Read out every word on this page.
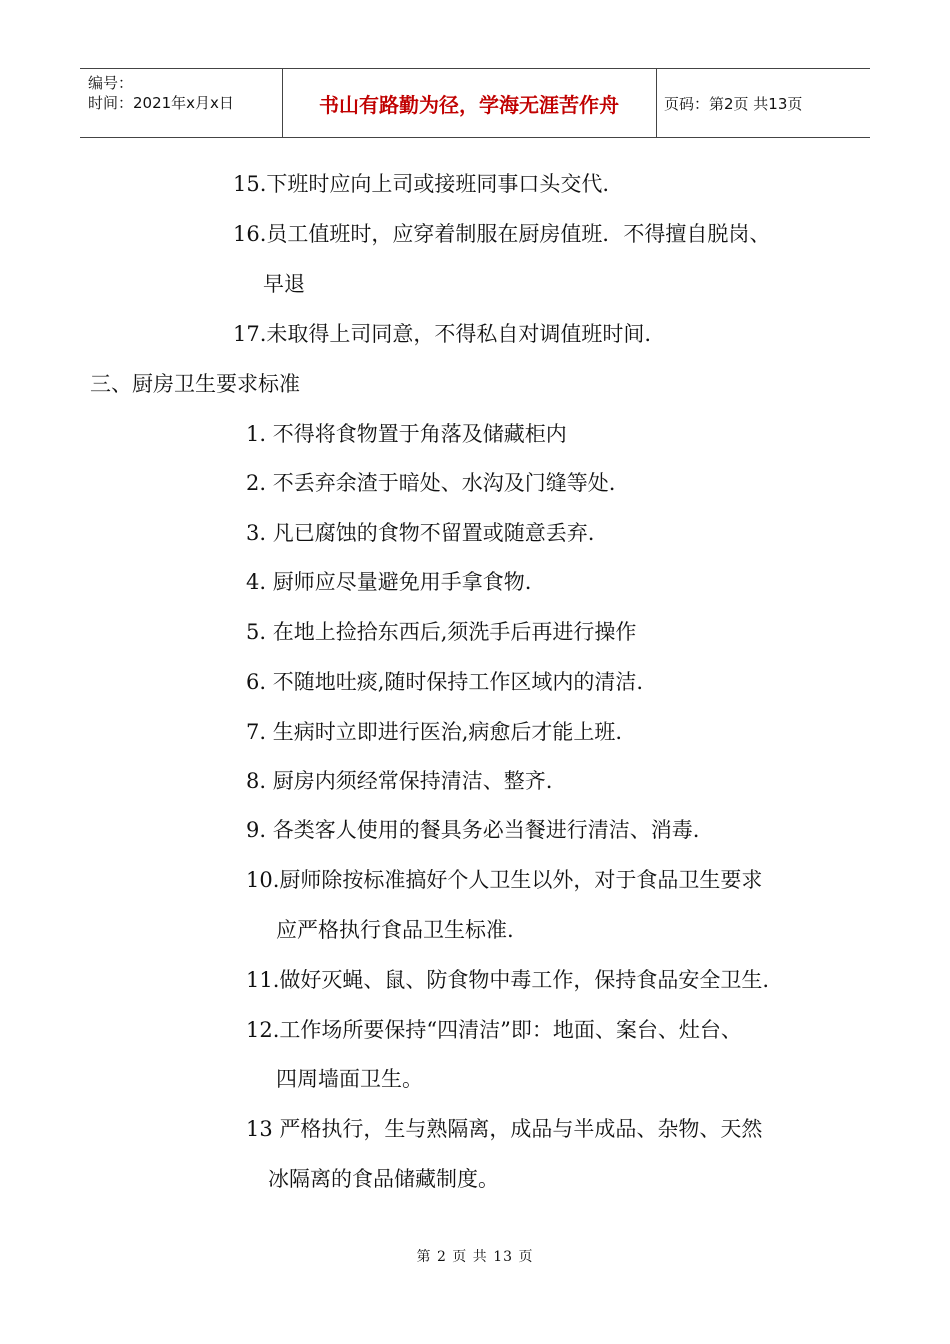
编号：
时间：2021年x月x日	书山有路勤为径，学海无涯苦作舟	页码：第2页 共13页
15.下班时应向上司或接班同事口头交代.
16.员工值班时，应穿着制服在厨房值班．不得擅自脱岗、
早退
17.未取得上司同意，不得私自对调值班时间.
三、厨房卫生要求标准
1. 不得将食物置于角落及储藏柜内
2. 不丢弃余渣于暗处、水沟及门缝等处.
3. 凡已腐蚀的食物不留置或随意丢弃.
4. 厨师应尽量避免用手拿食物.
5. 在地上捡拾东西后,须洗手后再进行操作
6. 不随地吐痰,随时保持工作区域内的清洁.
7. 生病时立即进行医治,病愈后才能上班.
8. 厨房内须经常保持清洁、整齐.
9. 各类客人使用的餐具务必当餐进行清洁、消毒.
10.厨师除按标准搞好个人卫生以外，对于食品卫生要求
应严格执行食品卫生标准.
11.做好灭蝇、鼠、防食物中毒工作，保持食品安全卫生.
12.工作场所要保持“四清洁”即：地面、案台、灶台、
四周墙面卫生。
13 严格执行，生与熟隔离，成品与半成品、杂物、天然
冰隔离的食品储藏制度。
第 2 页 共 13 页
